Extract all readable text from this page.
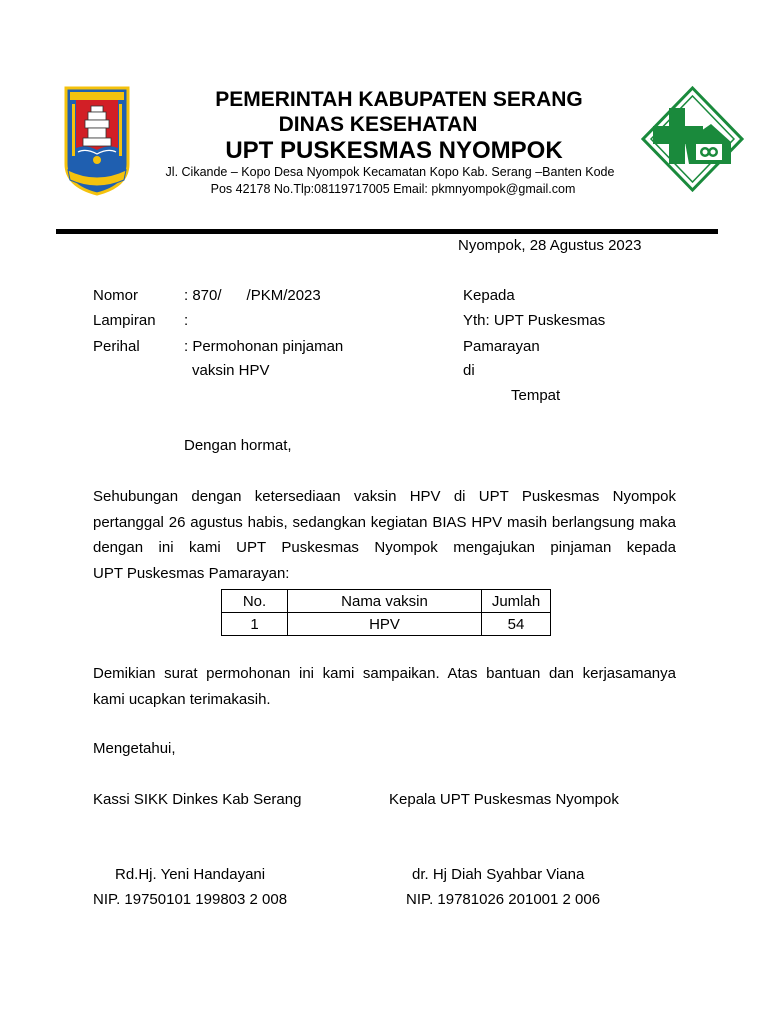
PEMERINTAH KABUPATEN SERANG
DINAS KESEHATAN
UPT PUSKESMAS NYOMPOK
Jl. Cikande – Kopo Desa Nyompok Kecamatan Kopo Kab. Serang –Banten Kode
Pos 42178 No.Tlp:08119717005 Email: pkmnyompok@gmail.com
Nyompok, 28 Agustus 2023
Nomor	: 870/      /PKM/2023
Lampiran :
Perihal	: Permohonan pinjaman
vaksin HPV
Kepada
Yth: UPT Puskesmas
Pamarayan
di
Tempat
Dengan hormat,
Sehubungan dengan ketersediaan vaksin HPV di UPT Puskesmas Nyompok pertanggal 26 agustus habis, sedangkan kegiatan BIAS HPV masih berlangsung maka dengan ini kami UPT Puskesmas Nyompok mengajukan pinjaman kepada
UPT Puskesmas Pamarayan:
No.	Nama vaksin	Jumlah
1	HPV	54
Demikian surat permohonan ini kami sampaikan. Atas bantuan dan kerjasamanya
kami ucapkan terimakasih.
Mengetahui,
Kassi SIKK Dinkes Kab Serang	Kepala UPT Puskesmas Nyompok
Rd.Hj. Yeni Handayani	dr. Hj Diah Syahbar Viana
NIP. 19750101 199803 2 008	NIP. 19781026 201001 2 006
